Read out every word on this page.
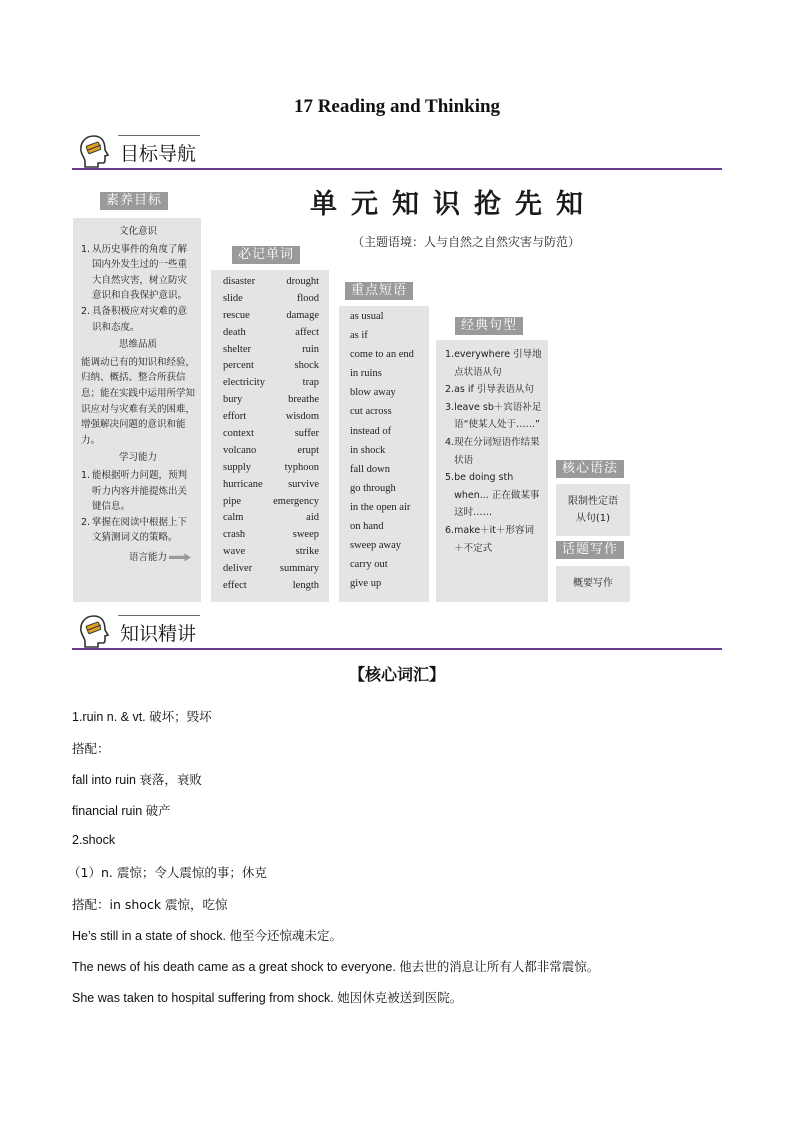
17 Reading and Thinking
目标导航
单元知识抢先知
（主题语境：人与自然之自然灾害与防范）
素养目标
文化意识
1. 从历史事件的角度了解国内外发生过的一些重大自然灾害，树立防灾意识和自我保护意识。
2. 具备积极应对灾难的意识和态度。
思维品质
能调动已有的知识和经验，归纳、概括、整合所获信息；能在实践中运用所学知识应对与灾难有关的困难，增强解决问题的意识和能力。
学习能力
1. 能根据听力问题，预判听力内容并能提炼出关键信息。
2. 掌握在阅读中根据上下文猜测词义的策略。
语言能力
必记单词
disaster	drought
slide	flood
rescue	damage
death	affect
shelter	ruin
percent	shock
electricity	trap
bury	breathe
effort	wisdom
context	suffer
volcano	erupt
supply	typhoon
hurricane survive
pipe	emergency
calm	aid
crash	sweep
wave	strike
deliver	summary
effect	length
重点短语
as usual
as if
come to an end
in ruins
blow away
cut across
instead of
in shock
fall down
go through
in the open air
on hand
sweep away
carry out
give up
经典句型
1. everywhere 引导地点状语从句
2. as if 引导表语从句
3. leave sb＋宾语补足语“使某人处于……”
4. 现在分词短语作结果状语
5. be doing sth when... 正在做某事这时……
6. make＋it＋形容词＋不定式
核心语法
限制性定语从句(1)
话题写作
概要写作
知识精讲
【核心词汇】
1.ruin n. & vt. 破坏；毁坏
搭配：
fall into ruin 衰落，衰败
financial ruin 破产
2.shock
（1）n. 震惊；令人震惊的事；休克
搭配：in shock 震惊，吃惊
He’s still in a state of shock. 他至今还惊魂未定。
The news of his death came as a great shock to everyone. 他去世的消息让所有人都非常震惊。
She was taken to hospital suffering from shock. 她因休克被送到医院。
